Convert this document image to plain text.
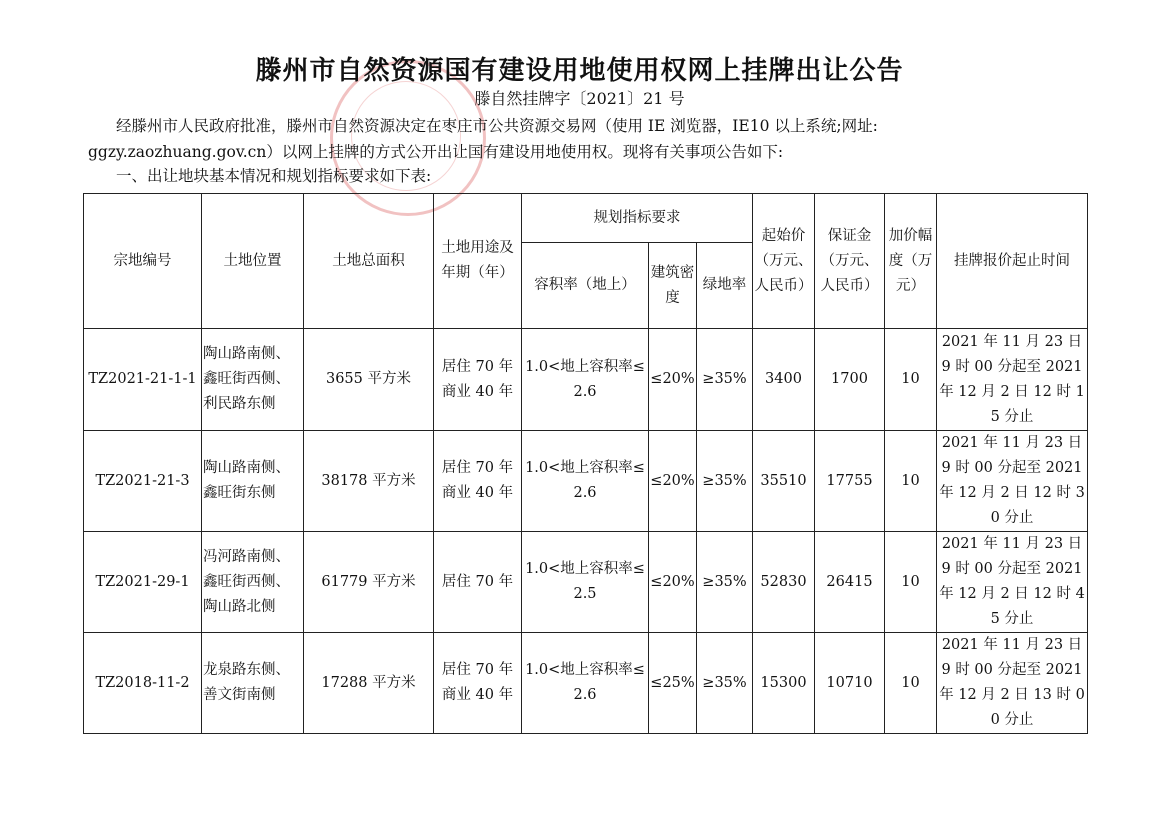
滕州市自然资源国有建设用地使用权网上挂牌出让公告
滕自然挂牌字〔2021〕21 号
经滕州市人民政府批准，滕州市自然资源决定在枣庄市公共资源交易网（使用 IE 浏览器，IE10 以上系统;网址:
ggzy.zaozhuang.gov.cn）以网上挂牌的方式公开出让国有建设用地使用权。现将有关事项公告如下:
一、出让地块基本情况和规划指标要求如下表:
宗地编号	土地位置	土地总面积	土地用途及年期（年）	规划指标要求			起始价（万元、人民币）	保证金（万元、人民币）	加价幅度（万元）	挂牌报价起止时间
				容积率（地上）	建筑密度	绿地率				
TZ2021-21-1-1	陶山路南侧、鑫旺街西侧、利民路东侧	3655 平方米	居住 70 年商业 40 年	1.0<地上容积率≤2.6	≤20%	≥35%	3400	1700	10	2021 年 11 月 23 日 9 时 00 分起至 2021 年 12 月 2 日 12 时 15 分止
TZ2021-21-3	陶山路南侧、鑫旺街东侧	38178 平方米	居住 70 年商业 40 年	1.0<地上容积率≤2.6	≤20%	≥35%	35510	17755	10	2021 年 11 月 23 日 9 时 00 分起至 2021 年 12 月 2 日 12 时 30 分止
TZ2021-29-1	冯河路南侧、鑫旺街西侧、陶山路北侧	61779 平方米	居住 70 年	1.0<地上容积率≤2.5	≤20%	≥35%	52830	26415	10	2021 年 11 月 23 日 9 时 00 分起至 2021 年 12 月 2 日 12 时 45 分止
TZ2018-11-2	龙泉路东侧、善文街南侧	17288 平方米	居住 70 年商业 40 年	1.0<地上容积率≤2.6	≤25%	≥35%	15300	10710	10	2021 年 11 月 23 日 9 时 00 分起至 2021 年 12 月 2 日 13 时 00 分止
